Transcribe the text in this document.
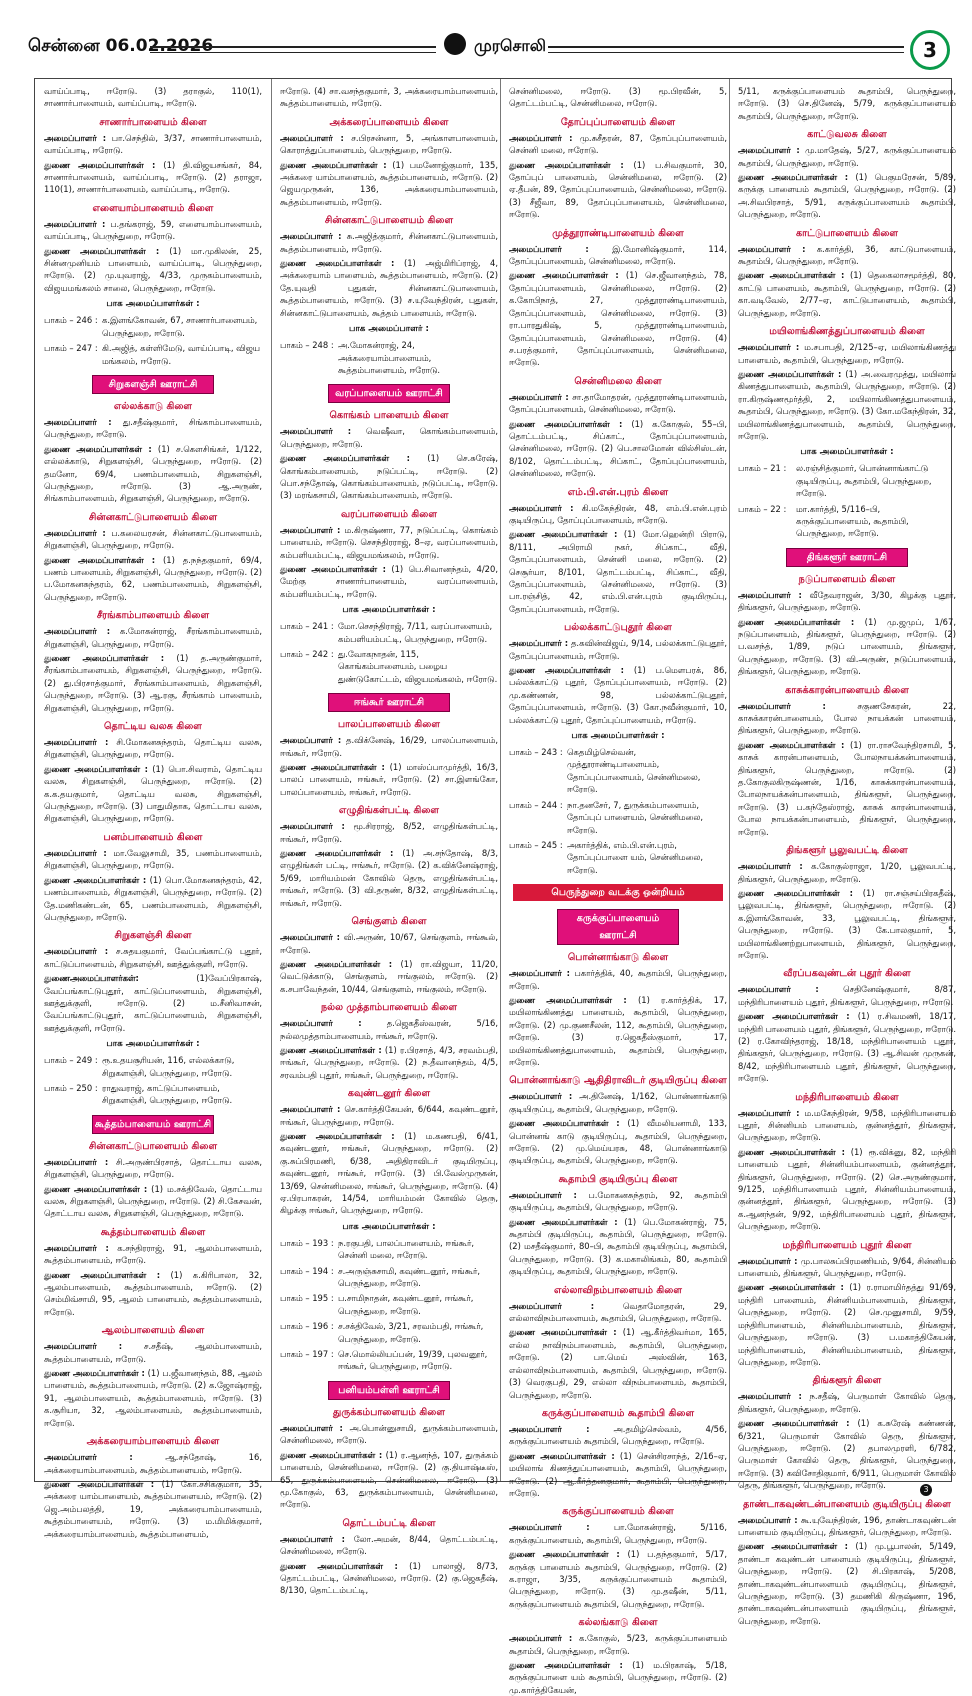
சென்னை 06.02.2026	முரசொலி	3

வாய்ப்பாடி, ஈரோடு. (3) தராகுல், 110(1), சாணார்பாளையம், வாய்ப்பாடி, ஈரோடு.

சாணார்பாளையம் கிளை

அமைப்பாளர் : பா.செந்தில், 3/37, சாணார்பாளையம், வாய்ப்பாடி, ஈரோடு.

துணை அமைப்பாளர்கள் : (1) தி.விஜயசங்கர், 84, சாணார்பாளையம், வாய்ப்பாடி, ஈரோடு. (2) தராஜா, 110(1), சாணார்பாளையம், வாய்ப்பாடி, ஈரோடு.

எளையாம்பாளையம் கிளை

அமைப்பாளர் : ப.தங்கராஜ், 59, எளையாம்பாளையம், வாய்ப்பாடி, பெருந்துறை, ஈரோடு.

துணை அமைப்பாளர்கள் : (1) மா.முகிலன், 25, சின்னமுனியம் பாளையம், வாய்ப்பாடி, பெருந்துறை, ஈரோடு. (2) மு.யுவராஜ், 4/33, முருகம்பாளையம், விஜயமங்கலம் சாலை, பெருந்துறை, ஈரோடு.

பாக அமைப்பாளர்கள் :
பாகம் – 246 : க.இளங்கோவன், 67, சாணார்பாளையம், பெருந்துறை, ஈரோடு.
பாகம் – 247 : கி.அஜித், கள்ளிமேடு, வாய்ப்பாடி, விஜய மங்கலம், ஈரோடு.
சிறுகளஞ்சி ஊராட்சி
எல்லக்காடு கிளை

அமைப்பாளர் : து.சதீஷ்குமார், சிங்காம்பாளையம், பெருந்துறை, ஈரோடு.

துணை அமைப்பாளர்கள் : (1) ச.கௌசிங்கர், 1/122, எல்லக்காடு, சிறுகளஞ்சி, பெருந்துறை, ஈரோடு. (2) தமனோ, 69/4, பணம்பாளையம், சிறுகளஞ்சி, பெருந்துறை, ஈரோடு. (3) ஆ.அருண், சிங்காம்பாளையம், சிறுகளஞ்சி, பெருந்துறை, ஈரோடு.

சின்னகாட்டுபாளையம் கிளை

அமைப்பாளர் : ப.கலையரசன், சின்னகாட்டுபாளையம், சிறுகளஞ்சி, பெருந்துறை, ஈரோடு.

துணை அமைப்பாளர்கள் : (1) த.நந்தகுமார், 69/4, பணம் பாளையம், சிறுகளஞ்சி, பெருந்துறை, ஈரோடு. (2) ப.மோகனசுந்தரம், 62, பணம்பாளையம், சிறுகளஞ்சி, பெருந்துறை, ஈரோடு.

சீரங்காம்பாளையம் கிளை

அமைப்பாளர் : க.மோகன்ராஜ், சீரங்காம்பாளையம், சிறுகளஞ்சி, பெருந்துறை, ஈரோடு.

துணை அமைப்பாளர்கள் : (1) த.அருண்குமார், சீரங்காம்பாளையம், சிறுகளஞ்சி, பெருந்துறை, ஈரோடு. (2) து.பிரசாத்குமார், சீரங்காம்பாளையம், சிறுகளஞ்சி, பெருந்துறை, ஈரோடு. (3) ஆ.ரகு, சீரங்காம் பாளையம், சிறுகளஞ்சி, பெருந்துறை, ஈரோடு.

தொட்டிய வலசு கிளை

அமைப்பாளர் : சி.மோகனசுந்தரம், தொட்டிய வலசு, சிறுகளஞ்சி, பெருந்துறை, ஈரோடு.

துணை அமைப்பாளர்கள் : (1) பொ.சிவராம், தொட்டிய வலசு, சிறுகளஞ்சி, பெருந்துறை, ஈரோடு. (2) க.க.தயகுமார், தொட்டிய வலசு, சிறுகளஞ்சி, பெருந்துறை, ஈரோடு. (3) பாதுமிதாக, தொட்டாய வலசு, சிறுகளஞ்சி, பெருந்துறை, ஈரோடு.

பனம்பாளையம் கிளை

அமைப்பாளர் : மா.வேலுசாமி, 35, பணம்பாளையம், சிறுகளஞ்சி, பெருந்துறை, ஈரோடு.

துணை அமைப்பாளர்கள் : (1) பொ.மோகனசுந்தரம், 42, பணம்பாளையம், சிறுகளஞ்சி, பெருந்துறை, ஈரோடு. (2) தே.மணிகண்டன், 65, பணம்பாளையம், சிறுகளஞ்சி, பெருந்துறை, ஈரோடு.

சிறுகளஞ்சி கிளை

அமைப்பாளர் : ச.சுதயகுமார், வேப்பங்காட்டு புதூர், காட்டுப்பாளையம், சிறுகளஞ்சி, ஊத்துக்குளி, ஈரோடு.

துணைஅமைப்பாளர்கள்:	(1)வேப்பிரகாஷ், வேப்பங்காட்டுபுதூர், காட்டுப்பாளையம், சிறுகளஞ்சி, ஊத்துக்குளி, ஈரோடு. (2) ம.சீனிவாசன், வேப்பங்காட்டுபுதூர், காட்டுப்பாளையம், சிறுகளஞ்சி, ஊத்துக்குளி, ஈரோடு.

பாக அமைப்பாளர்கள் :
பாகம் – 249 : ரூ.உதயசூரியன், 116, எல்லக்காடு, சிறுகளஞ்சி, பெருந்துறை, ஈரோடு.
பாகம் – 250 : ராதுவராஜ், காட்டுப்பாளையம், சிறுகளஞ்சி, பெருந்துறை, ஈரோடு.
கூத்தம்பாளையம் ஊராட்சி
சின்னகாட்டுபாளையம் கிளை

அமைப்பாளர் : சி.அருண்பிரசாத், தொட்டாய வலசு, சிறுகளஞ்சி, பெருந்துறை, ஈரோடு.

துணை அமைப்பாளர்கள் : (1) ம.சக்திவேல், தொட்டாய வலசு, சிறுகளஞ்சி, பெருந்துறை, ஈரோடு. (2) சி.கேசவன், தொட்டாய வலசு, சிறுகளஞ்சி, பெருந்துறை, ஈரோடு.

கூத்தம்பாளையம் கிளை

அமைப்பாளர் : க.சந்திரராஜ், 91, ஆலம்பாளையம், கூத்தம்பாளையம், ஈரோடு.

துணை அமைப்பாளர்கள் : (1) க.கிரிபாலா, 32, ஆலம்பாளையம், கூத்தம்பாளையம், ஈரோடு. (2) செம்மிவ்சாமி, 95, ஆலம் பாளையம், கூத்தம்பாளையம், ஈரோடு.

ஆலம்பாளையம் கிளை

அமைப்பாளர் :	ச.சதீஷ், ஆலம்பாளையம், கூத்தம்பாளையம், ஈரோடு.

துணை அமைப்பாளர்கள் : (1) ப.ஜீவானந்தம், 88, ஆலம் பாளையம், கூத்தம்பாளையம், ஈரோடு. (2) க.ஜோஷ்ராஜ், 91, ஆலம்பாளையம், கூத்தம்பாளையம், ஈரோடு. (3) க.சூரியா, 32, ஆலம்பாளையம், கூத்தம்பாளையம், ஈரோடு.

அக்கரையாம்பாளையம் கிளை

அமைப்பாளர் :	ஆ.சந்தோஷ், 16, அக்கரையாம்பாளையம், கூத்தம்பாளையம், ஈரோடு.

துணை அமைப்பாளர்கள் : (1) கோ.சசிக்குமார், 35, அக்கரை யாம்பாளையம், கூத்தம்பாளையம், ஈரோடு. (2) ஜெ.அம்பலத்தி, 19, அக்கரையாம்பாளையம், கூத்தம்பாளையம், ஈரோடு. (3) ம.மிமிக்குமார், அக்கரையாம்பாளையம், கூத்தம்பாளையம்,

ஈரோடு. (4) சா.வசந்தகுமார், 3, அக்கரையாம்பாளையம், கூத்தம்பாளையம், ஈரோடு.

அக்கரைப்பாளையம் கிளை

அமைப்பாளர் : ச.பிரசன்னா, 5, அங்காளபாளையம், கொராத்துப்பாளையம், பெருந்துறை, ஈரோடு.

துணை அமைப்பாளர்கள் : (1) பமனோஜ்குமார், 135, அக்கரை யாம்பாளையம், கூத்தம்பாளையம், ஈரோடு. (2) ஜெயமுருகன், 136, அக்கரையாம்பாளையம், கூத்தம்பாளையம், ஈரோடு.

சின்னகாட்டுபாளையம் கிளை

அமைப்பாளர் : சு.அஜித்குமார், சின்னகாட்டுபாளையம், கூத்தம்பாளையம், ஈரோடு.

துணை அமைப்பாளர்கள் : (1) அஜ்மிரிப்ராஜ், 4, அக்கரையாம் பாளையம், கூத்தம்பாளையம், ஈரோடு. (2) தே.யுவதி புதுகள், சின்னகாட்டுபாளையம், கூத்தம்பாளையம், ஈரோடு. (3) ச.யுவேந்திரன், புதுகள், சின்னகாட்டுபாளையம், கூத்தம் பாளையம், ஈரோடு.

பாக அமைப்பாளர் :
பாகம் – 248 : அ.மோகன்ராஜ், 24, அக்கரையாம்பாளையம், கூத்தம்பாளையம், ஈரோடு.
வரப்பாளையம் ஊராட்சி
கொங்கம் பாளையம் கிளை

அமைப்பாளர் : வெஷீவா, கொங்கம்பாளையம், பெருந்துறை, ஈரோடு.

துணை அமைப்பாளர்கள் : (1) செ.சுரேஷ், கொங்கம்பாளையம், நடுப்பட்டி, ஈரோடு. (2) பொ.சந்தோஷ், கொங்கம்பாளையம், நடுப்பட்டி, ஈரோடு. (3) மரங்கசாமி, கொங்கம்பாளையம், ஈரோடு.

வரப்பாளையம் கிளை

அமைப்பாளர் : ம.கிருஷ்ணா, 77, நடுப்பட்டி, கொங்கம் பாளையம், ஈரோடு. செசந்திரராஜ், 8–ஏ, வரப்பாளையம், கம்பளியம்பட்டி, விஜயமங்கலம், ஈரோடு.

துணை அமைப்பாளர்கள் : (1) பெ.சிவானந்தம், 4/20, மேற்கு சாணார்பாளையம், வரப்பாளையம், கம்பளியம்பட்டி, ஈரோடு.

பாக அமைப்பாளர்கள் :
பாகம் – 241 : மோ.செசந்திராஜ், 7/11, வரப்பாளையம், கம்பளியம்பட்டி, பெருந்துறை, ஈரோடு.
பாகம் – 242 : து.வோகநாதன், 115, கொங்கம்பாளையம், பழைய துண்டுகோட்டம், விஜயமங்கலம், ஈரோடு.
ஈங்கூர் ஊராட்சி
பாலப்பாளையம் கிளை

அமைப்பாளர் : த.விக்னேஷ், 16/29, பாலப்பாளையம், ஈங்கூர், ஈரோடு.

துணை அமைப்பாளர்கள் : (1) மாஸ்ப்பாமுர்த்தி, 16/3, பாலப் பாளையம், ஈங்கூர், ஈரோடு. (2) சா.இளங்கோ, பாலப்பாளையம், ஈங்கூர், ஈரோடு.

எழுதிங்கள்பட்டி கிளை

அமைப்பாளர் : மூ.சிரராஜ், 8/52, எழுதிங்கள்பட்டி, ஈங்கூர், ஈரோடு.

துணை அமைப்பாளர்கள் : (1) அ.சந்தோஷ், 8/3, எழுதிங்கள் பட்டி, ஈங்கூர், ஈரோடு. (2) க.விக்னேஷ்ராஜ், 5/69, மாரியம்மன் கோவில் தெரு, எழுதிங்கள்பட்டி, ஈங்கூர், ஈரோடு. (3) வி.தருண், 8/32, எழுதிங்கள்பட்டி, ஈங்கூர், ஈரோடு.

செங்குளம் கிளை

அமைப்பாளர் : வி.அருண், 10/67, செங்குளம், ஈங்கூல், ஈரோடு.

துணை அமைப்பாளர்கள் : (1) ரா.விஜயா, 11/20, வெட்டுக்காடு, செங்குளம், ஈங்குலம், ஈரோடு. (2) க.சபாவேந்தன், 10/44, செங்குளம், ஈங்குலம், ஈரோடு.

நல்ல முத்தாம்பாளையம் கிளை

அமைப்பாளர் :	த.ஜெகதீஸ்வரன், 5/16, நல்லமுத்தாம்பாளையம், ஈங்கூர், ஈரோடு.

துணை அமைப்பாளர்கள் : (1) ர.பிரசாத், 4/3, சரவம்பதி, ஈங்கூர், பெருந்துறை, ஈரோடு. (2) ந.தீவானந்தம், 4/5, சரவம்பதி புதூர், ஈங்கூர், பெருந்துறை, ஈரோடு.

கவுண்டனூர் கிளை

அமைப்பாளர் : செ.கார்த்திகேயன், 6/644, கவுண்டனூர், ஈங்கூர், பெருந்துறை, ஈரோடு.

துணை அமைப்பாளர்கள் : (1) ம.கணபதி, 6/41, கவுண்டனூர், ஈங்கூர், பெருந்துறை, ஈரோடு. (2) கு.சுப்பிரமணி, 6/38, அதிதிராவிடர் குடியிருப்பு, கவுண்டனூர், ஈங்கூர், ஈரோடு. (3) பி.வேல்முருகன், 13/69, சென்னிமலை, ஈங்கூர், பெருந்துறை, ஈரோடு. (4) ஏ.பிரபாகரன், 14/54, மாரியம்மன் கோவில் தெரு, கிழக்கு ஈங்கூர், பெருந்துறை, ஈரோடு.

பாக அமைப்பாளர்கள் :
பாகம் – 193 : ந.ரகுபதி, பாலப்பாளையம், ஈங்கூர், சென்னி மலை, ஈரோடு.
பாகம் – 194 : ச.அருஞ்சுசாமி, கவுண்டனூர், ஈங்கூர், பெருந்துறை, ஈரோடு.
பாகம் – 195 : ப.சாமிநாதன், கவுண்டனூர், ஈங்கூர், பெருந்துறை, ஈரோடு.
பாகம் – 196 : ச.சக்திவேல், 3/21, சரவம்பதி, ஈங்கூர், பெருந்துறை, ஈரோடு.
பாகம் – 197 : செ.மொல்லியப்பன், 19/39, புலவனூர், ஈங்கூர், பெருந்துறை, ஈரோடு.
பனியம்பள்ளி ஊராட்சி
துருக்கம்பாளையம் கிளை

அமைப்பாளர் : அ.பொன்னுசாமி, துருக்கம்பாளையம், சென்னிமலை, ஈரோடு.

துணை அமைப்பாளர்கள் : (1) ர.ஆனந்த், 107, துருக்கம் பாளையம், சென்னிமலை, ஈரோடு. (2) கு.தியாஷ்டீஸ், 65, துருக்கம்பாளையம், சென்னிமலை, ஈரோடு. (3) மூ.கோகுல், 63, துருக்கம்பாளையம், சென்னிமலை, ஈரோடு.

தொட்டம்பட்டி கிளை

அமைப்பாளர் : லோ.அமன், 8/44, தொட்டம்பட்டி, சென்னிமலை, ஈரோடு.

துணை அமைப்பாளர்கள் : (1) பாலாஜி, 8/73, தொட்டம்பட்டி, சென்னிமலை, ஈரோடு. (2) கு.ஜெகதீஷ், 8/130, தொட்டம்பட்டி,

சென்னிமலை, ஈரோடு. (3) மூ.பிரவீன், 5, தொட்டம்பட்டி, சென்னிமலை, ஈரோடு.

தோப்புப்பாளையம் கிளை

அமைப்பாளர் : மு.சுசீதரன், 87, தோப்புப்பாளையம், சென்னி மலை, ஈரோடு.

துணை அமைப்பாளர்கள் : (1) ப.சிவகுமார், 30, தோப்புப் பாளையம், சென்னிமலை, ஈரோடு. (2) ஏ.தீபன், 89, தோப்புப்பாளையம், சென்னிமலை, ஈரோடு. (3) சீஜீவா, 89, தோப்புப்பாளையம், சென்னிமலை, ஈரோடு.

முத்தூராண்டிபாளையம் கிளை

அமைப்பாளர் :	இ.மோனிஷ்குமார், 114, தோப்புப்பாளையம், சென்னிமலை, ஈரோடு.

துணை அமைப்பாளர்கள் : (1) செ.ஜீவானந்தம், 78, தோப்புப்பாளையம், சென்னிமலை, ஈரோடு. (2) க.கோபிநாத், 27, முத்தூராண்டிபாளையம், தோப்புப்பாளையம், சென்னிமலை, ஈரோடு. (3) ரா.பாரதுகிஷ், 5, முத்தூராண்டிபாளையம், தோப்புப்பாளையம், சென்னிமலை, ஈரோடு. (4) ச.பரத்குமார், தோப்புப்பாளையம், சென்னிமலை, ஈரோடு.

சென்னிமலை கிளை

அமைப்பாளர் : சா.தாமோதரன், முத்தூராண்டிபாளையம், தோப்புப்பாளையம், சென்னிமலை, ஈரோடு.

துணை அமைப்பாளர்கள் : (1) க.கோகுல், 55–பி, தொட்டம்பட்டி, சிப்காட், தோப்புப்பாளையம், சென்னிமலை, ஈரோடு. (2) பெ.சாலமோன் வில்சிஸ்டன், 8/102, தொட்டம்பட்டி, சிப்காட், தோப்புப்பாளையம், சென்னிமலை, ஈரோடு.

எம்.பி.என்.புரம் கிளை

அமைப்பாளர் : கி.மகேந்திரன், 48, எம்.பி.என்.புரம் குடியிருப்பு, தோப்புப்பாளையம், ஈரோடு.

துணை அமைப்பாளர்கள் : (1) மோ.ஹென்றி பிராடு, 8/111, அபிராமி நகர், சிப்காட், வீதி, தோப்புப்பாளையம், சென்னி மலை, ஈரோடு. (2) செசூர்யா, 8/101, தொட்டம்பட்டி, சிப்காட், வீதி, தோப்புப்பாளையம், சென்னிமலை, ஈரோடு. (3) பா.ரஞ்சித், 42, எம்.பி.என்.புரம் குடியிருப்பு, தோப்புப்பாளையம், ஈரோடு.

பல்லக்காட்டுபுதூர் கிளை

அமைப்பாளர் : த.கவின்விஜய், 9/14, பல்லக்காட்டுபுதூர், தோப்புப்பாளையம், ஈரோடு.

துணை அமைப்பாளர்கள் : (1) ப.மௌபரக், 86, பல்லக்காட்டு புதூர், தோப்புப்பாளையம், ஈரோடு. (2) மு.கண்ணன், 98, பல்லக்காட்டுபுதூர், தோப்புப்பாளையம், ஈரோடு. (3) கோ.நவீன்குமார், 10, பல்லக்காட்டு புதூர், தோப்புப்பாளையம், ஈரோடு.

பாக அமைப்பாளர்கள் :
பாகம் – 243 : கெதமிழ்செல்வன், முத்தூராண்டிபாளையம், தோப்புப்பாளையம், சென்னிமலை, ஈரோடு.
பாகம் – 244 : நா.தனசேர், 7, துருக்கம்பாளையம், தோப்புப் பாளையம், சென்னிமலை, ஈரோடு.
பாகம் – 245 : அகார்த்திக், எம்.பி.என்.புரம், தோப்புப்பாளை யம், சென்னிமலை, ஈரோடு.
பெருந்துறை வடக்கு ஒன்றியம்
கருக்குப்பாளையம் ஊராட்சி
பொன்னாங்காடு கிளை

அமைப்பாளர் : பகார்த்திக், 40, கூதாம்பி, பெருந்துறை, ஈரோடு.

துணை அமைப்பாளர்கள் : (1) ர.கார்த்திக், 17, மயிலாங்கிணத்து பாளையம், கூதாம்பி, பெருந்துறை, ஈரோடு. (2) மு.குணசீலன், 112, கூதாம்பி, பெருந்துறை, ஈரோடு. (3) ர.ஜெகதீஸ்குமார், 17, மயிலாங்கிணத்துபாளையம், கூதாம்பி, பெருந்துறை, ஈரோடு.

பொன்னாங்காடு ஆதிதிராவிடர் குடியிருப்பு கிளை

அமைப்பாளர் : அ.தினேஷ், 1/162, பொன்னாங்காடு குடியிருப்பு, கூதாம்பி, பெருந்துறை, ஈரோடு.

துணை அமைப்பாளர்கள் : (1) வீமலியனாமி, 133, பொன்னங் காடு குடியிருப்பு, கூதாம்பி, பெருந்துறை, ஈரோடு. (2) மு.மெய்யரசு, 48, பொன்னாங்காடு குடியிருப்பு, கூதாம்பி, பெருந்துறை, ஈரோடு.

கூதாம்பி குடியிருப்பு கிளை

அமைப்பாளர் : ப.மோகனசுந்தரம், 92, கூதாம்பி குடியிருப்பு, கூதாம்பி, பெருந்துறை, ஈரோடு.

துணை அமைப்பாளர்கள் : (1) பெ.மோகன்ராஜ், 75, கூதாம்பி குடியிருப்பு, கூதாம்பி, பெருந்துறை, ஈரோடு. (2) மசதீஷ்குமார், 80–பி, கூதாம்பி குடியிருப்பு, கூதாம்பி, பெருந்துறை, ஈரோடு. (3) க.மகாலிங்கம், 80, கூதாம்பி குடியிருப்பு, கூதாம்பி, பெருந்துறை, ஈரோடு.

எல்லாவிநம்பாளையம் கிளை

அமைப்பாளர் :	வெதாமோதரன், 29, எல்லாவிநம்பாளையம், கூதாம்பி, பெருந்துறை, ஈரோடு.

துணை அமைப்பாளர்கள் : (1) ஆ.கீர்த்திவர்மா, 165, எல்ல நாவிநம்பாளையம், கூதாம்பி, பெருந்துறை, ஈரோடு. (2) பா.மெய் அஸ்வின், 163, எல்லாவிநம்பாளையம், கூதாம்பி, பெருந்துறை, ஈரோடு. (3) வெரகுபதி, 29, எல்லா விநம்பாளையம், கூதாம்பி, பெருந்துறை, ஈரோடு.

கருக்குப்பாளையம் கூதாம்பி கிளை

அமைப்பாளர் :	அ.தமிழ்செல்வம், 4/56, கருக்குப்பாளையம் கூதாம்பி, பெருந்துறை, ஈரோடு.

துணை அமைப்பாளர்கள் : (1) சென்சிரசாந்த், 2/16–ஏ, மயிலாங் கிணத்துப்பாளையம், கூதாம்பி, பெருந்துறை, ஈரோடு. (2) ஆ.கீர்த்தனகுமார், கூதாம்பி, பெருந்துறை, ஈரோடு.

கருக்குப்பாளையம் கிளை

அமைப்பாளர் :	பா.மோகன்ராஜ், 5/116, கருக்குப்பாளையம், கூதாம்பி, பெருந்துறை, ஈரோடு.

துணை அமைப்பாளர்கள் : (1) ப.தந்தகுமார், 5/17, கருக்கு பாளையம் கூதாம்பி, பெருந்துறை, ஈரோடு. (2) க.ராஜா, 3/35, கருக்குப்பாளையம் கூதாம்பி, பெருந்துறை, ஈரோடு. (3) மு.தஷீன், 5/11, கருக்குப்பாளையம் கூதாம்பி, பெருந்துறை, ஈரோடு.

கல்லங்காடு கிளை

அமைப்பாளர் : க.கோகுல், 5/23, கருக்குப்பாளையம் கூதாம்பி, பெருந்துறை, ஈரோடு.

துணை அமைப்பாளர்கள் : (1) ம.பிரகாஷ், 5/18, கருக்குப்பாளை யம் கூதாம்பி, பெருந்துறை, ஈரோடு. (2) மு.கார்த்திகேயன்,

5/11, கருக்குப்பாளையம் கூதாம்பி, பெருந்துறை, ஈரோடு. (3) செ.தினேஷ், 5/79, கருக்குப்பாளையம் கூதாம்பி, பெருந்துறை, ஈரோடு.

காட்டுவலசு கிளை

அமைப்பாளர் : மு.மாதேஷ், 5/27, கருக்குப்பாளையம் கூதாம்பி, பெருந்துறை, ஈரோடு.

துணை அமைப்பாளர்கள் : (1) பெகுமரேசன், 5/89, கருக்கு பாளையம் கூதாம்பி, பெருந்துறை, ஈரோடு. (2) அ.சிவபிரசாத், 5/91, கருக்குப்பாளையம் கூதாம்பி, பெருந்துறை, ஈரோடு.

காட்டுபாளையம் கிளை

அமைப்பாளர் : க.கார்த்தி, 36, காட்டுபாளையம், கூதாம்பி, பெருந்துறை, ஈரோடு.

துணை அமைப்பாளர்கள் : (1) தெகைலாசமூர்த்தி, 80, காட்டு பாளையம், கூதாம்பி, பெருந்துறை, ஈரோடு. (2) கா.வடிவேல், 2/77–ஏ, காட்டுபாளையம், கூதாம்பி, பெருந்துறை, ஈரோடு.

மயிலாங்கிணத்துப்பாளையம் கிளை

அமைப்பாளர் : ம.சபாபதி, 2/125–ஏ, மயிலாங்கிணத்து பாளையம், கூதாம்பி, பெருந்துறை, ஈரோடு.

துணை அமைப்பாளர்கள் : (1) அ.வைரமுத்து, மயிலாங் கிணத்துபாளையம், கூதாம்பி, பெருந்துறை, ஈரோடு. (2) ரா.கிருஷ்ணமூர்த்தி, 2, மயிலாங்கிணத்துபாளையம், கூதாம்பி, பெருந்துறை, ஈரோடு. (3) கோ.மகேந்திரன், 32, மயிலாங்கிணத்துபாளையம், கூதாம்பி, பெருந்துறை, ஈரோடு.

பாக அமைப்பாளர்கள் :
பாகம் – 21 :	ல.ரஞ்சித்குமார், பொன்னாங்காட்டு குடியிருப்பு, கூதாம்பி, பெருந்துறை, ஈரோடு.
பாகம் – 22 :	மா.கார்த்தி, 5/116–பி, கருக்குப்பாளையம், கூதாம்பி, பெருந்துறை, ஈரோடு.
திங்களூர் ஊராட்சி
நடுப்பாளையம் கிளை

அமைப்பாளர் : வீதேவராஜன், 3/30, கிழக்கு புதூர், திங்களூர், பெருந்துறை, ஈரோடு.

துணை அமைப்பாளர்கள் : (1) மு.ஜமுப், 1/67, நடுப்பாளையம், திங்களூர், பெருந்துறை, ஈரோடு. (2) ப.வசந்த், 1/89, நடுப் பாளையம், திங்களூர், பெருந்துறை, ஈரோடு. (3) வி.அருண், நடுப்பாளையம், திங்களூர், பெருந்துறை, ஈரோடு.

காசுக்காரன்பாளையம் கிளை

அமைப்பாளர் :	சகுணசேகரன், 22, காசுக்காரன்பாளையம், போல நாயக்கன் பாளையம், திங்களூர், பெருந்துறை, ஈரோடு.

துணை அமைப்பாளர்கள் : (1) ரா.ராசவேந்திரசாமி, 5, காசுக் காரன்பாளையம், போலநாயக்கன்பாளையம், திங்களூர், பெருந்துறை, ஈரோடு. (2) த.கோகுலகிருஷ்ணன், 1/16, காசுக்காரன்பாளையம், போலநாயக்கன்பாளையம், திங்களூர், பெருந்துறை, ஈரோடு. (3) ப.கந்தேஸ்ராஜ், காசுக் காரன்பாளையம், போல நாயக்கன்பாளையம், திங்களூர், பெருந்துறை, ஈரோடு.

திங்களூர் பூலுவபட்டி கிளை

அமைப்பாளர் : க.கோகுல்ராஜா, 1/20, பூலுவபட்டி, திங்களூர், பெருந்துறை, ஈரோடு.

துணை அமைப்பாளர்கள் : (1) ரா.சஞ்சய்பிரகதீஷ், பூலுவபட்டி, திங்களூர், பெருந்துறை, ஈரோடு. (2) க.இளங்கோவன், 33, பூலுவபட்டி, திங்களூர், பெருந்துறை, ஈரோடு. (3) கே.பாலகுமார், 5, மயிலாங்கிணற்றுபாளையம், திங்களூர், பெருந்துறை, ஈரோடு.

வீரப்பகவுண்டன் புதூர் கிளை

அமைப்பாளர் :	செதினேஷ்குமார், 8/87, மந்திரிபாளையம் புதூர், திங்களூர், பெருந்துறை, ஈரோடு.

துணை அமைப்பாளர்கள் : (1) ர.சிவமணி, 18/17, மந்திரி பாளையம் புதூர், திங்களூர், பெருந்துறை, ஈரோடு. (2) ர.கோவிந்தராஜ், 18/18, மந்திரிபாளையம் புதூர், திங்களூர், பெருந்துறை, ஈரோடு. (3) ஆ.சிவன் முருகன், 8/42, மந்திரிபாளையம் புதூர், திங்களூர், பெருந்துறை, ஈரோடு.

மந்திரிபாளையம் கிளை

அமைப்பாளர் : ம.மகேந்திரன், 9/58, மந்திரிபாளையம் புதூர், சின்னியம் பாளையம், குன்னத்தூர், திங்களூர், பெருந்துறை, ஈரோடு.

துணை அமைப்பாளர்கள் : (1) ரூ.விக்னு, 82, மந்திரி பாளையம் புதூர், சின்னியம்பாளையம், குன்னத்தூர், திங்களூர், பெருந்துறை, ஈரோடு. (2) செ.அருண்குமார், 9/125, மந்திரிபாளையம் புதூர், சின்னியம்பாளையம், குன்னத்தூர், திங்களூர், பெருந்துறை, ஈரோடு. (3) க.ஆனந்தன், 9/92, மந்திரிபாளையம் புதூர், திங்களூர், பெருந்துறை, ஈரோடு.

மந்திரிபாளையம் புதூர் கிளை

அமைப்பாளர் : மு.பாலசுப்பிரமணியம், 9/64, சின்னியம் பாளையம், திங்களூர், பெருந்துறை, ஈரோடு.

துணை அமைப்பாளர்கள் : (1) ர.ராமாமிர்தத்து 91/69, மந்திரி பாளையம், சின்னியம்பாளையம், திங்களூர், பெருந்துறை, ஈரோடு. (2) செ.முனுசாமி, 9/59, மந்திரிபாளையம், சின்னியம்பாளையம், திங்களூர், பெருந்துறை, ஈரோடு. (3) ப.மகாத்திகேயன், மந்திரிபாளையம், சின்னியம்பாளையம், திங்களூர், பெருந்துறை, ஈரோடு.

திங்களூர் கிளை

அமைப்பாளர் : ந.சதீஷ், பெருமாள் கோவில் தெரு, திங்களூர், பெருந்துறை, ஈரோடு.

துணை அமைப்பாளர்கள் : (1) க.சுரேஷ் கண்ணன், 6/321, பெருமாள் கோவில் தெரு, திங்களூர், பெருந்துறை, ஈரோடு. (2) தபாலமுரளி, 6/782, பெருமாள் கோவில் தெரு, திங்களூர், பெருந்துறை, ஈரோடு. (3) கவிசோதிகுமார், 6/911, பெருமாள் கோவில் தெரு, திங்களூர், பெருந்துறை, ஈரோடு.

தாண்டாகவுண்டன்பாளையம் குடியிருப்பு கிளை

அமைப்பாளர் : கூ.யுவேந்திரன், 196, தாண்டாகவுண்டன் பாளையம் குடியிருப்பு, திங்களூர், பெருந்துறை, ஈரோடு.

துணை அமைப்பாளர்கள் : (1) மு.பூபாலன், 5/149, தாண்டா கவுண்டன் பாளையம் குடியிருப்பு, திங்களூர், பெருந்துறை, ஈரோடு. (2) சி.பிரகாஷ், 5/208, தாண்டாகவுண்டன்பாளையம் குடியிருப்பு, திங்களூர், பெருந்துறை, ஈரோடு. (3) தமணிகி கிருஷ்ணா, 196, தாண்டாகவுண்டன்பாளையம் குடியிருப்பு, திங்களூர், பெருந்துறை, ஈரோடு.

3
